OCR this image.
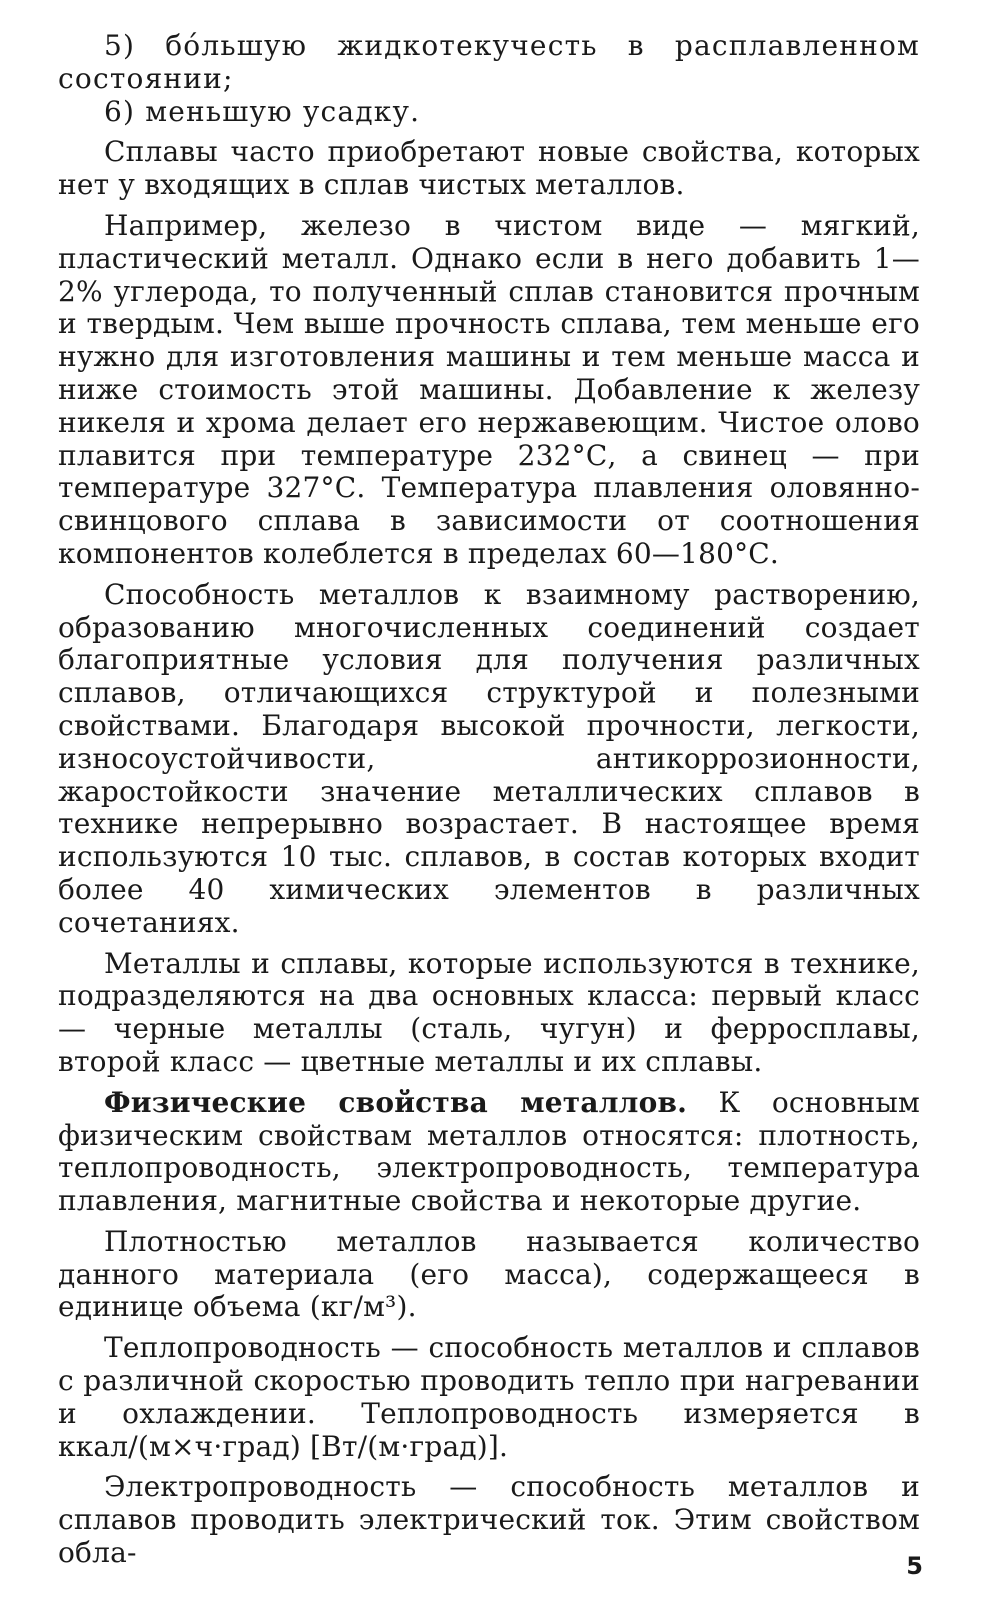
5) бо́льшую жидкотекучесть в расплавленном состоянии;

6) меньшую усадку.

Сплавы часто приобретают новые свойства, которых нет у входящих в сплав чистых металлов.

Например, железо в чистом виде — мягкий, пластический металл. Однако если в него добавить 1—2% углерода, то полученный сплав становится прочным и твердым. Чем выше прочность сплава, тем меньше его нужно для изготовления машины и тем меньше масса и ниже стоимость этой машины. Добавление к железу никеля и хрома делает его нержавеющим. Чистое олово плавится при температуре 232°С, а свинец — при температуре 327°С. Температура плавления оловянно-свинцового сплава в зависимости от соотношения компонентов колеблется в пределах 60—180°С.

Способность металлов к взаимному растворению, образованию многочисленных соединений создает благоприятные условия для получения различных сплавов, отличающихся структурой и полезными свойствами. Благодаря высокой прочности, легкости, износоустойчивости, антикоррозионности, жаростойкости значение металлических сплавов в технике непрерывно возрастает. В настоящее время используются 10 тыс. сплавов, в состав которых входит более 40 химических элементов в различных сочетаниях.

Металлы и сплавы, которые используются в технике, подразделяются на два основных класса: первый класс — черные металлы (сталь, чугун) и ферросплавы, второй класс — цветные металлы и их сплавы.

Физические свойства металлов. К основным физическим свойствам металлов относятся: плотность, теплопроводность, электропроводность, температура плавления, магнитные свойства и некоторые другие.

Плотностью металлов называется количество данного материала (его масса), содержащееся в единице объема (кг/м³).

Теплопроводность — способность металлов и сплавов с различной скоростью проводить тепло при нагревании и охлаждении. Теплопроводность измеряется в ккал/(м×ч·град) [Вт/(м·град)].

Электропроводность — способность металлов и сплавов проводить электрический ток. Этим свойством обла-	5
